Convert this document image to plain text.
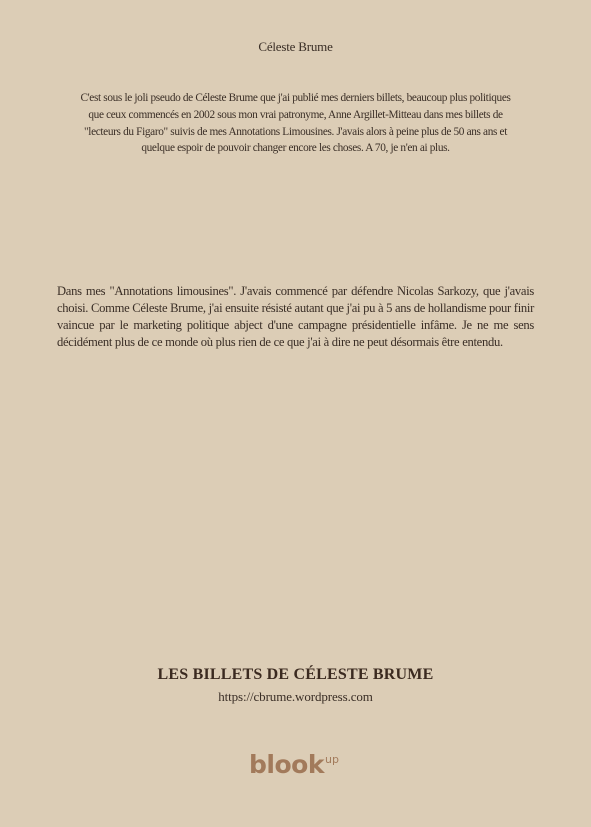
Céleste Brume
C'est sous le joli pseudo de Céleste Brume que j'ai publié mes derniers billets, beaucoup plus politiques que ceux commencés en 2002 sous mon vrai patronyme, Anne Argillet-Mitteau dans mes billets de "lecteurs du Figaro" suivis de mes Annotations Limousines. J'avais alors à peine plus de 50 ans ans et quelque espoir de pouvoir changer encore les choses. A 70, je n'en ai plus.
Dans mes "Annotations limousines". J'avais commencé par défendre Nicolas Sarkozy, que j'avais choisi. Comme Céleste Brume, j'ai ensuite résisté autant que j'ai pu à 5 ans de hollandisme pour finir vaincue par le marketing politique abject d'une campagne présidentielle infâme. Je ne me sens décidément plus de ce monde où plus rien de ce que j'ai à dire ne peut désormais être entendu.
LES BILLETS DE CÉLESTE BRUME
https://cbrume.wordpress.com
blook up
